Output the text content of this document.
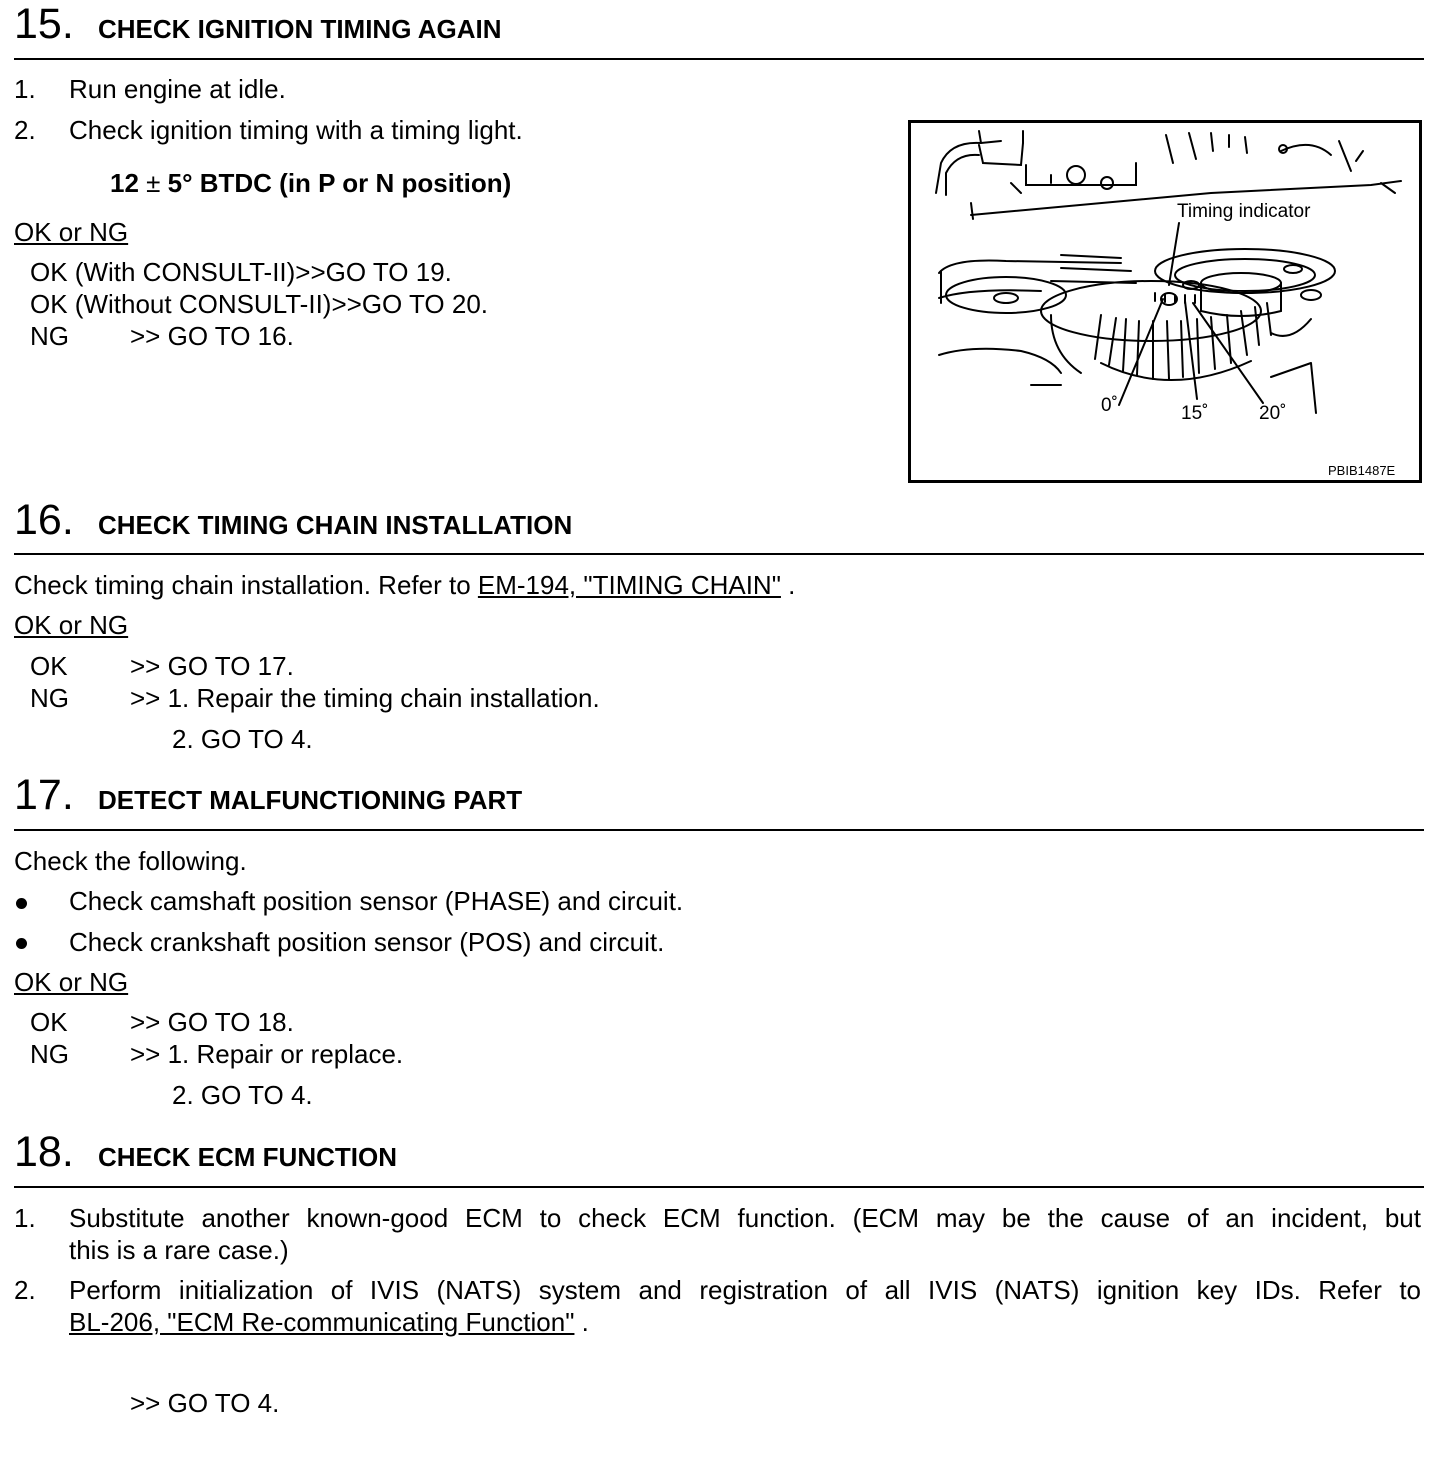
15. CHECK IGNITION TIMING AGAIN
1. Run engine at idle.
2. Check ignition timing with a timing light.
12 ± 5° BTDC (in P or N position)
OK or NG
OK (With CONSULT-II)>>GO TO 19.
OK (Without CONSULT-II)>>GO TO 20.
NG >> GO TO 16.
Timing indicator
0˚	15˚	20˚
PBIB1487E
16. CHECK TIMING CHAIN INSTALLATION
Check timing chain installation. Refer to EM-194, "TIMING CHAIN" .
OK or NG
OK >> GO TO 17.
NG >> 1. Repair the timing chain installation.
2. GO TO 4.
17. DETECT MALFUNCTIONING PART
Check the following.
Check camshaft position sensor (PHASE) and circuit.
Check crankshaft position sensor (POS) and circuit.
OK or NG
OK >> GO TO 18.
NG >> 1. Repair or replace.
2. GO TO 4.
18. CHECK ECM FUNCTION
1. Substitute another known-good ECM to check ECM function. (ECM may be the cause of an incident, but
this is a rare case.)
2. Perform initialization of IVIS (NATS) system and registration of all IVIS (NATS) ignition key IDs. Refer to
BL-206, "ECM Re-communicating Function" .
>> GO TO 4.
